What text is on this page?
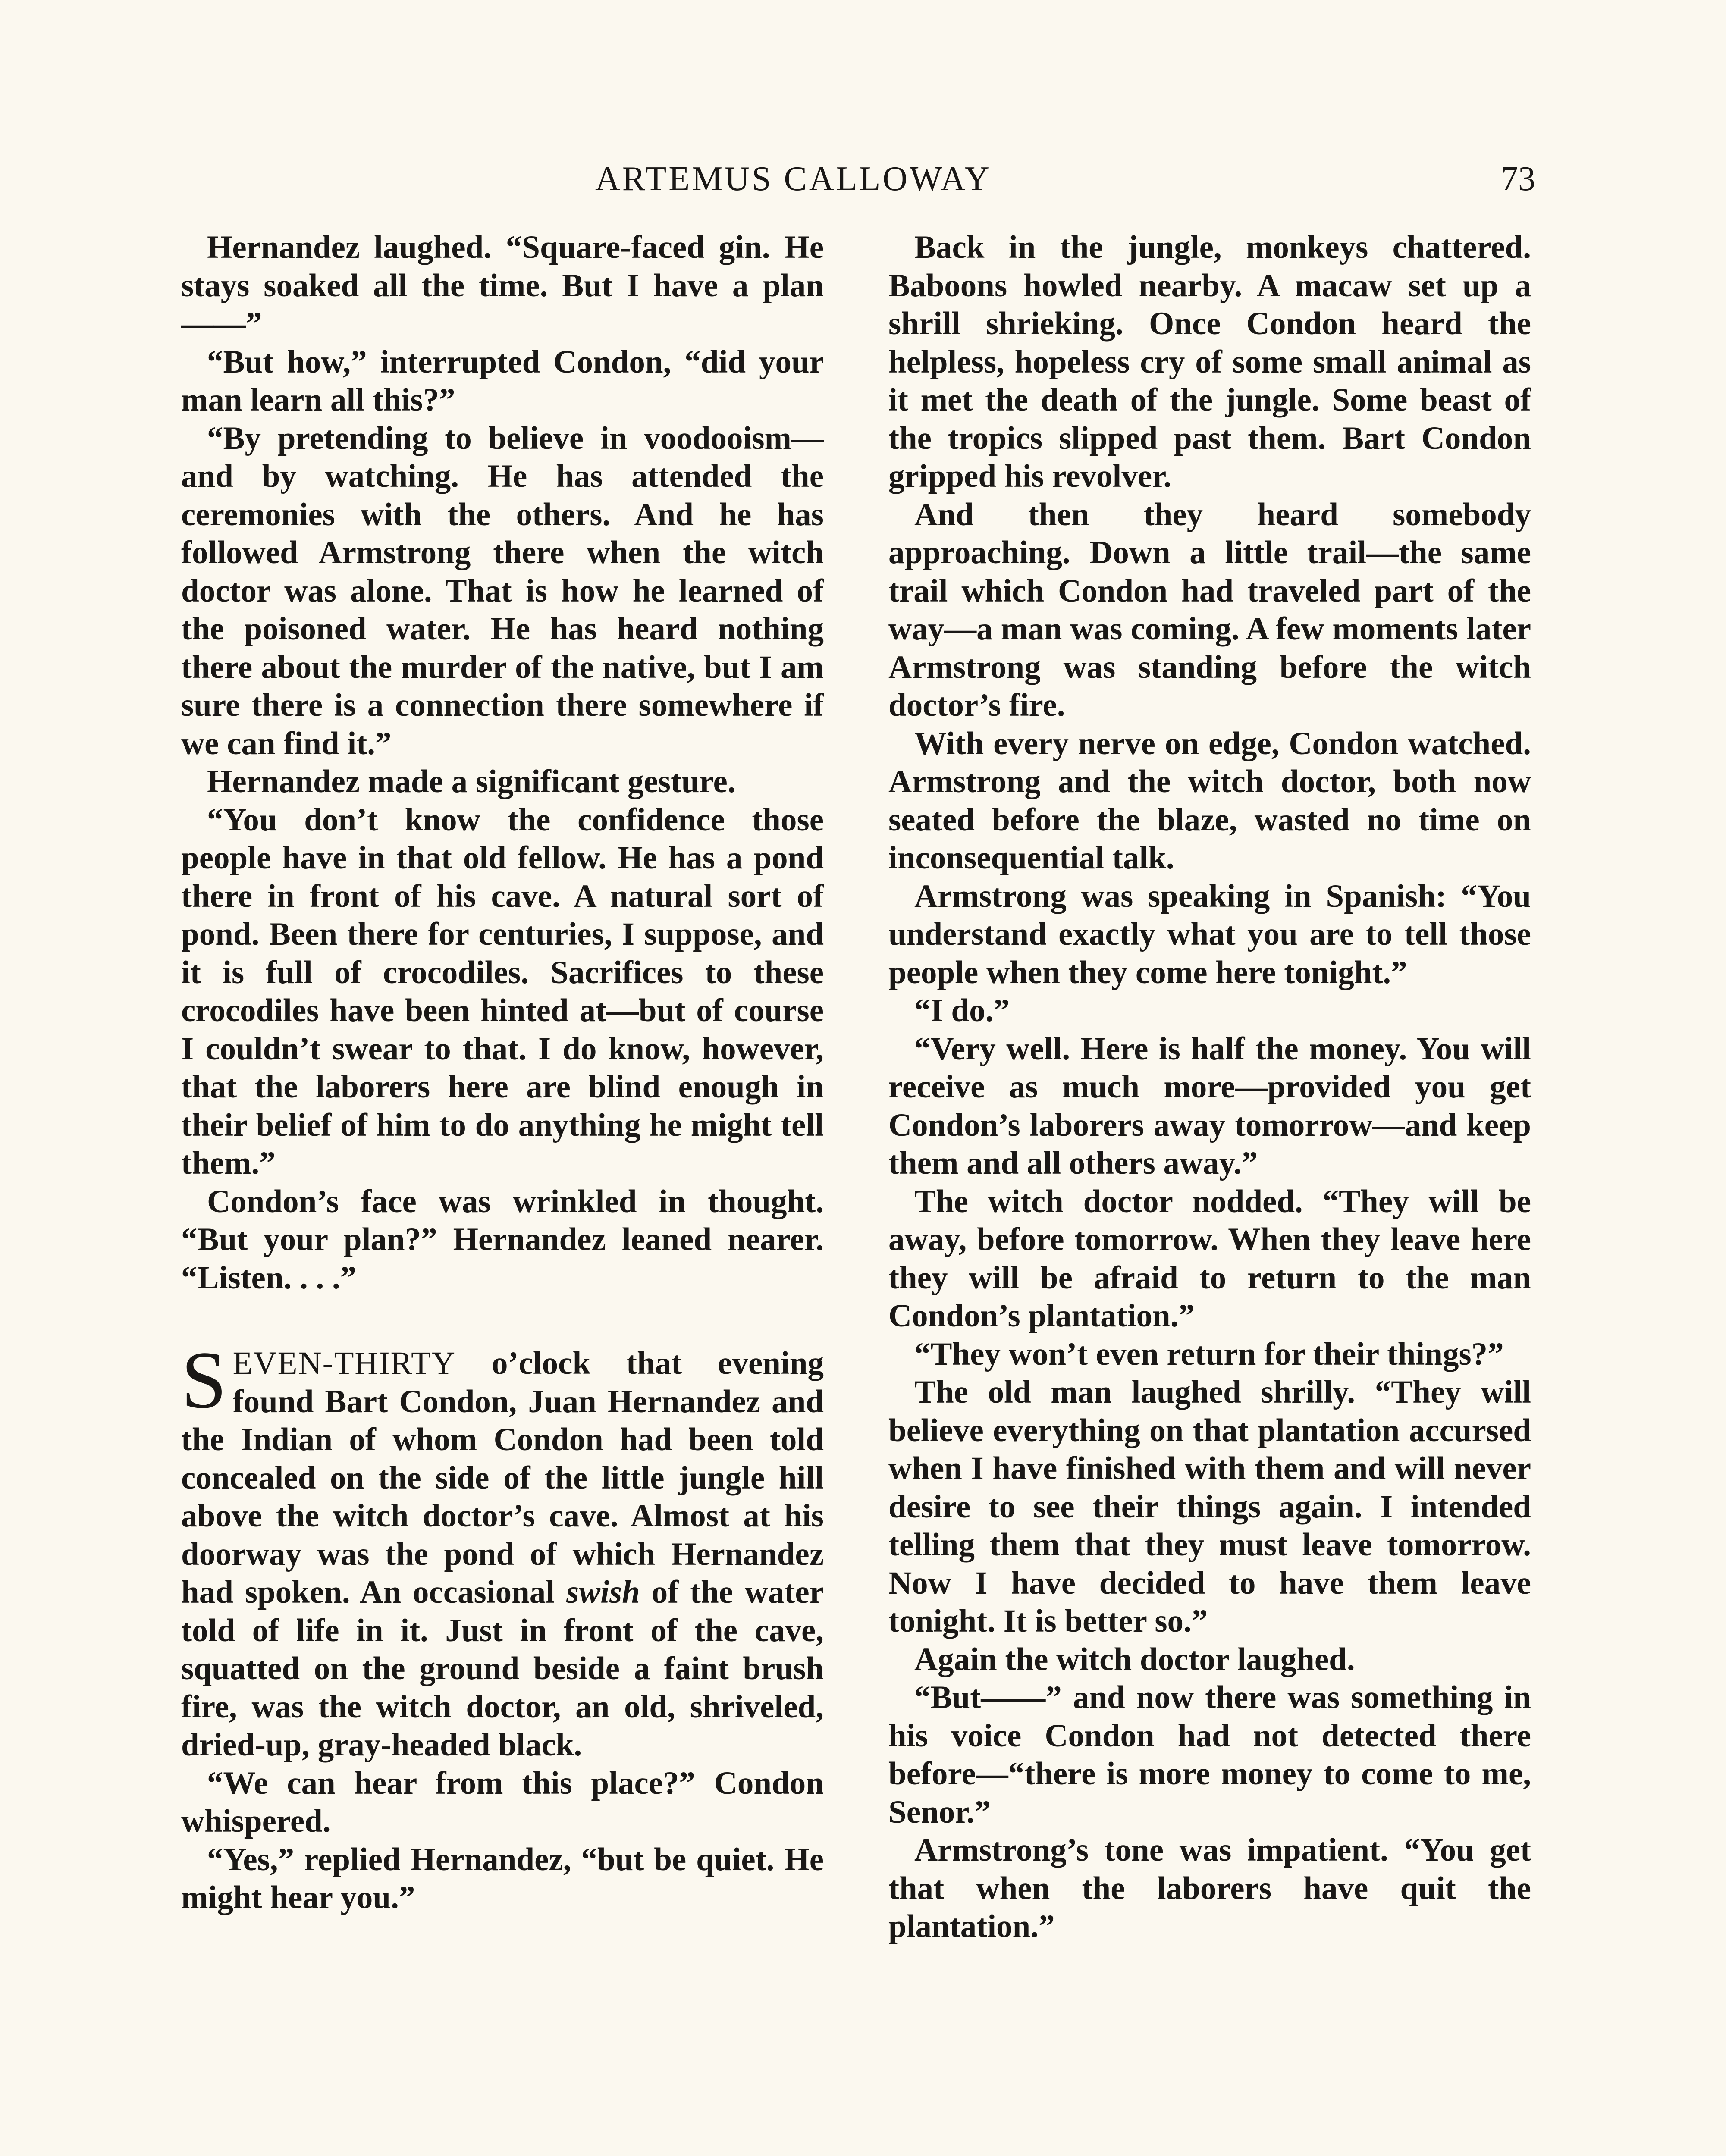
ARTEMUS CALLOWAY	73

Hernandez laughed. “Square-faced gin. He stays soaked all the time. But I have a plan——”

“But how,” interrupted Condon, “did your man learn all this?”

“By pretending to believe in voodooism—and by watching. He has attended the ceremonies with the others. And he has followed Armstrong there when the witch doctor was alone. That is how he learned of the poisoned water. He has heard nothing there about the murder of the native, but I am sure there is a connection there somewhere if we can find it.”

Hernandez made a significant gesture.

“You don’t know the confidence those people have in that old fellow. He has a pond there in front of his cave. A natural sort of pond. Been there for centuries, I suppose, and it is full of crocodiles. Sacrifices to these crocodiles have been hinted at—but of course I couldn’t swear to that. I do know, however, that the laborers here are blind enough in their belief of him to do anything he might tell them.”

Condon’s face was wrinkled in thought. “But your plan?” Hernandez leaned nearer. “Listen. . . .”

SEVEN-THIRTY o’clock that evening found Bart Condon, Juan Hernandez and the Indian of whom Condon had been told concealed on the side of the little jungle hill above the witch doctor’s cave. Almost at his doorway was the pond of which Hernandez had spoken. An occasional swish of the water told of life in it. Just in front of the cave, squatted on the ground beside a faint brush fire, was the witch doctor, an old, shriveled, dried-up, gray-headed black.

“We can hear from this place?” Condon whispered.

“Yes,” replied Hernandez, “but be quiet. He might hear you.”

Back in the jungle, monkeys chattered. Baboons howled nearby. A macaw set up a shrill shrieking. Once Condon heard the helpless, hopeless cry of some small animal as it met the death of the jungle. Some beast of the tropics slipped past them. Bart Condon gripped his revolver.

And then they heard somebody approaching. Down a little trail—the same trail which Condon had traveled part of the way—a man was coming. A few moments later Armstrong was standing before the witch doctor’s fire.

With every nerve on edge, Condon watched. Armstrong and the witch doctor, both now seated before the blaze, wasted no time on inconsequential talk.

Armstrong was speaking in Spanish: “You understand exactly what you are to tell those people when they come here tonight.”

“I do.”

“Very well. Here is half the money. You will receive as much more—provided you get Condon’s laborers away tomorrow—and keep them and all others away.”

The witch doctor nodded. “They will be away, before tomorrow. When they leave here they will be afraid to return to the man Condon’s plantation.”

“They won’t even return for their things?”

The old man laughed shrilly. “They will believe everything on that plantation accursed when I have finished with them and will never desire to see their things again. I intended telling them that they must leave tomorrow. Now I have decided to have them leave tonight. It is better so.”

Again the witch doctor laughed.

“But——” and now there was something in his voice Condon had not detected there before—“there is more money to come to me, Senor.”

Armstrong’s tone was impatient. “You get that when the laborers have quit the plantation.”
